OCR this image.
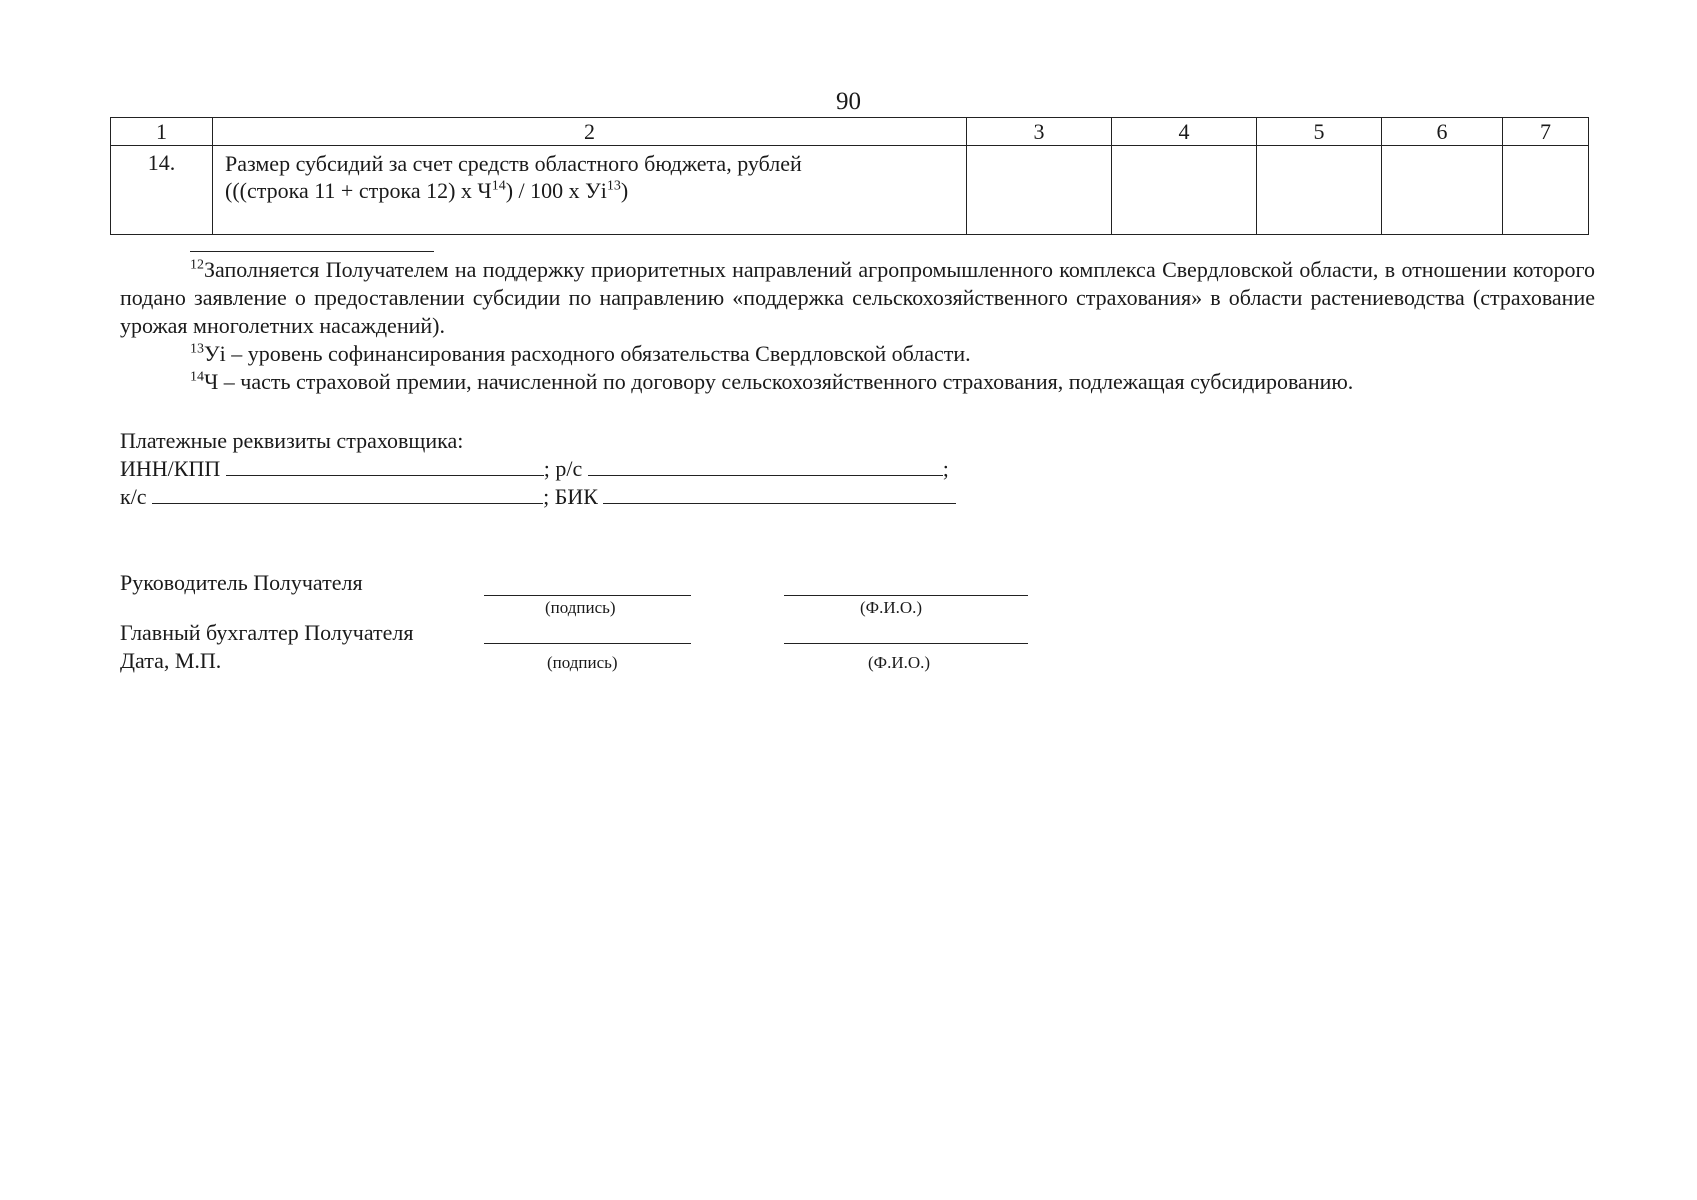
90
1	2	3	4	5	6	7
14.	Размер субсидий за счет средств областного бюджета, рублей
(((строка 11 + строка 12) x $Ч^{14}) / 100$ x $Уi^{13}$)					

$^{12}$Заполняется Получателем на поддержку приоритетных направлений агропромышленного комплекса Свердловской области, в отношении которого подано заявление о предоставлении субсидии по направлению «поддержка сельскохозяйственного страхования» в области растениеводства (страхование урожая многолетних насаждений).

$^{13}$Уi – уровень софинансирования расходного обязательства Свердловской области.

$^{14}$Ч – часть страховой премии, начисленной по договору сельскохозяйственного страхования, подлежащая субсидированию.

Платежные реквизиты страховщика:

ИНН/КПП	; р/с	;

к/с	; БИК

Руководитель Получателя
(подпись)	(Ф.И.О.)
Главный бухгалтер Получателя
Дата, М.П.	(подпись)	(Ф.И.О.)
